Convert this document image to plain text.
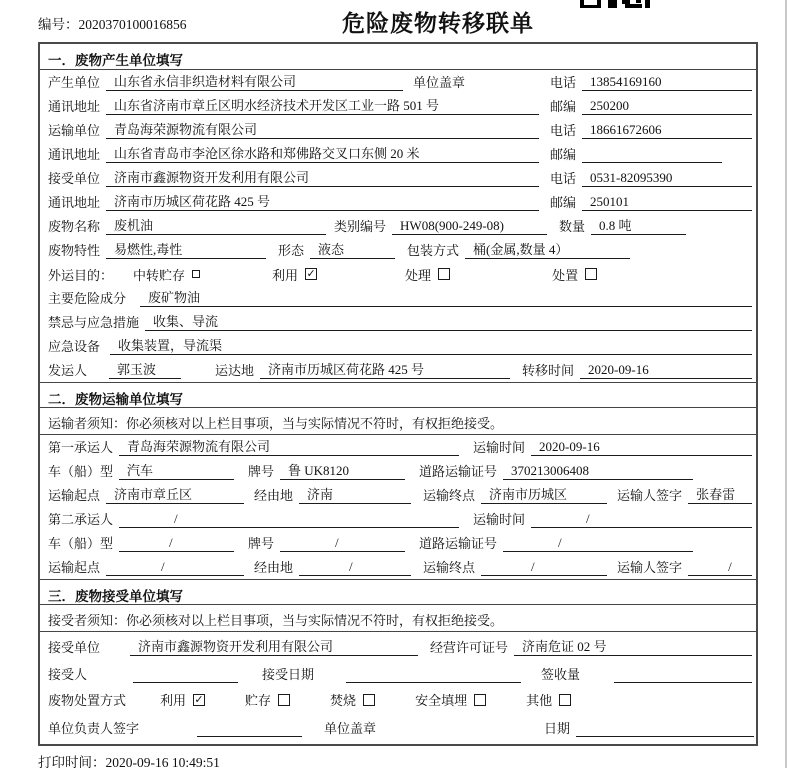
编号：2020370100016856	危险废物转移联单
一．废物产生单位填写
产生单位	山东省永信非织造材料有限公司	单位盖章	电话	13854169160
通讯地址	山东省济南市章丘区明水经济技术开发区工业一路 501 号	邮编	250200
运输单位	青岛海荣源物流有限公司	电话	18661672606
通讯地址	山东省青岛市李沧区徐水路和郑佛路交叉口东侧 20 米	邮编
接受单位	济南市鑫源物资开发利用有限公司	电话	0531-82095390
通讯地址	济南市历城区荷花路 425 号	邮编	250101
废物名称	废机油	类别编号	HW08(900-249-08)	数量	0.8 吨
废物特性	易燃性,毒性	形态	液态	包装方式	桶(金属,数量 4）
外运目的：	中转贮存	利用 ✓	处理	处置
主要危险成分	废矿物油
禁忌与应急措施	收集、导流
应急设备	收集装置，导流渠
发运人	郭玉波	运达地	济南市历城区荷花路 425 号	转移时间	2020-09-16
二．废物运输单位填写
运输者须知：你必须核对以上栏目事项，当与实际情况不符时，有权拒绝接受。
第一承运人	青岛海荣源物流有限公司	运输时间	2020-09-16
车（船）型	汽车	牌号	鲁 UK8120	道路运输证号	370213006408
运输起点	济南市章丘区	经由地	济南	运输终点	济南市历城区	运输人签字	张春雷
第二承运人	/	运输时间	/
车（船）型	/	牌号	/	道路运输证号	/
运输起点	/	经由地	/	运输终点	/	运输人签字	/
三．废物接受单位填写
接受者须知：你必须核对以上栏目事项，当与实际情况不符时，有权拒绝接受。
接受单位	济南市鑫源物资开发利用有限公司	经营许可证号	济南危证 02 号
接受人	接受日期	签收量
废物处置方式	利用 ✓	贮存	焚烧	安全填埋	其他
单位负责人签字	单位盖章	日期
打印时间：2020-09-16 10:49:51
